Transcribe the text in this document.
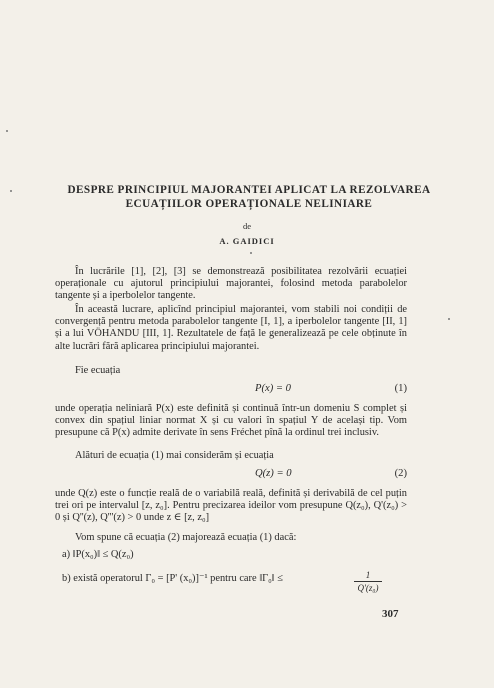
DESPRE PRINCIPIUL MAJORANTEI APLICAT LA REZOLVAREA ECUAȚIILOR OPERAȚIONALE NELINIARE
de
A. GAIDICI

În lucrările [1], [2], [3] se demonstrează posibilitatea rezolvării ecuației operaționale cu ajutorul principiului majorantei, folosind metoda parabolelor tangente și a iperbolelor tangente.

În această lucrare, aplicînd principiul majorantei, vom stabili noi condiții de convergență pentru metoda parabolelor tangente [I, 1], a iperbolelor tangente [II, 1] și a lui VÖHANDU [III, 1]. Rezultatele de față le generalizează pe cele obținute în alte lucrări fără aplicarea principiului majorantei.

Fie ecuația

P(x) = 0	(1)

unde operația neliniară P(x) este definită și continuă într-un domeniu S complet și convex din spațiul liniar normat X și cu valori în spațiul Y de același tip. Vom presupune că P(x) admite derivate în sens Fréchet pînă la ordinul trei inclusiv.

Alături de ecuația (1) mai considerăm și ecuația

Q(z) = 0	(2)

unde Q(z) este o funcție reală de o variabilă reală, definită și derivabilă de cel puțin trei ori pe intervalul [z, z₀]. Pentru precizarea ideilor vom presupune Q(z₀), Q'(z₀) > 0 și Q''(z), Q'''(z) > 0 unde z ∈ [z, z₀]

Vom spune că ecuația (2) majorează ecuația (1) dacă:

a) ‖P(x₀)‖ ≤ Q(z₀)
b) există operatorul Γ₀ = [P' (x₀)]⁻¹ pentru care ‖Γ₀‖ ≤	1
Q'(z₀)
307
